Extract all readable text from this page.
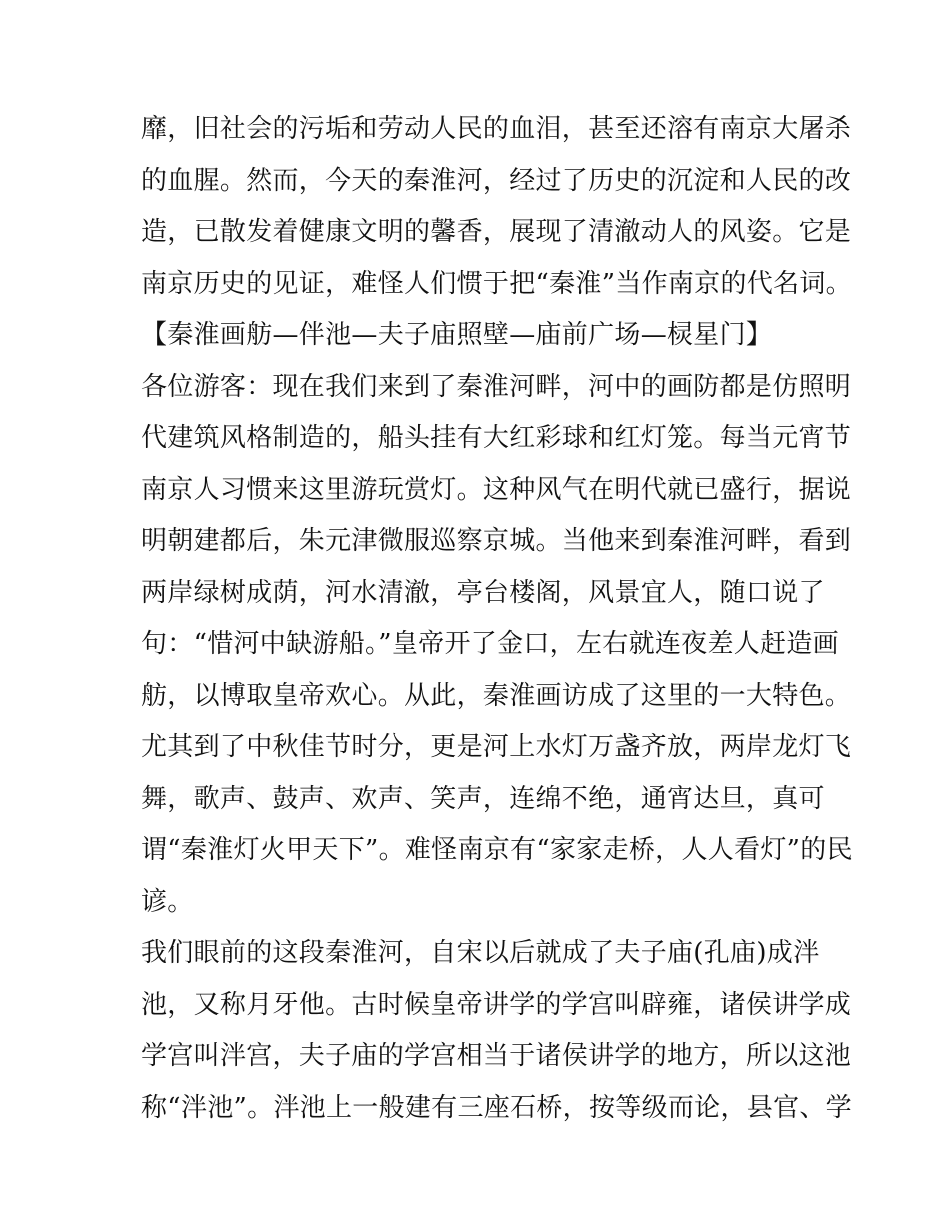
靡，旧社会的污垢和劳动人民的血泪，甚至还溶有南京大屠杀
的血腥。然而，今天的秦淮河，经过了历史的沉淀和人民的改
造，已散发着健康文明的馨香，展现了清澈动人的风姿。它是
南京历史的见证，难怪人们惯于把“秦淮”当作南京的代名词。
【秦淮画舫—伴池—夫子庙照壁—庙前广场—棂星门】
各位游客：现在我们来到了秦淮河畔，河中的画防都是仿照明
代建筑风格制造的，船头挂有大红彩球和红灯笼。每当元宵节
南京人习惯来这里游玩赏灯。这种风气在明代就已盛行，据说
明朝建都后，朱元津微服巡察京城。当他来到秦淮河畔，看到
两岸绿树成荫，河水清澈，亭台楼阁，风景宜人，随口说了
句：“惜河中缺游船。”皇帝开了金口，左右就连夜差人赶造画
舫，以博取皇帝欢心。从此，秦淮画访成了这里的一大特色。
尤其到了中秋佳节时分，更是河上水灯万盏齐放，两岸龙灯飞
舞，歌声、鼓声、欢声、笑声，连绵不绝，通宵达旦，真可
谓“秦淮灯火甲天下”。难怪南京有“家家走桥，人人看灯”的民
谚。
我们眼前的这段秦淮河，自宋以后就成了夫子庙(孔庙)成泮
池，又称月牙他。古时候皇帝讲学的学宫叫辟雍，诸侯讲学成
学宫叫泮宫，夫子庙的学宫相当于诸侯讲学的地方，所以这池
称“泮池”。泮池上一般建有三座石桥，按等级而论，县官、学
